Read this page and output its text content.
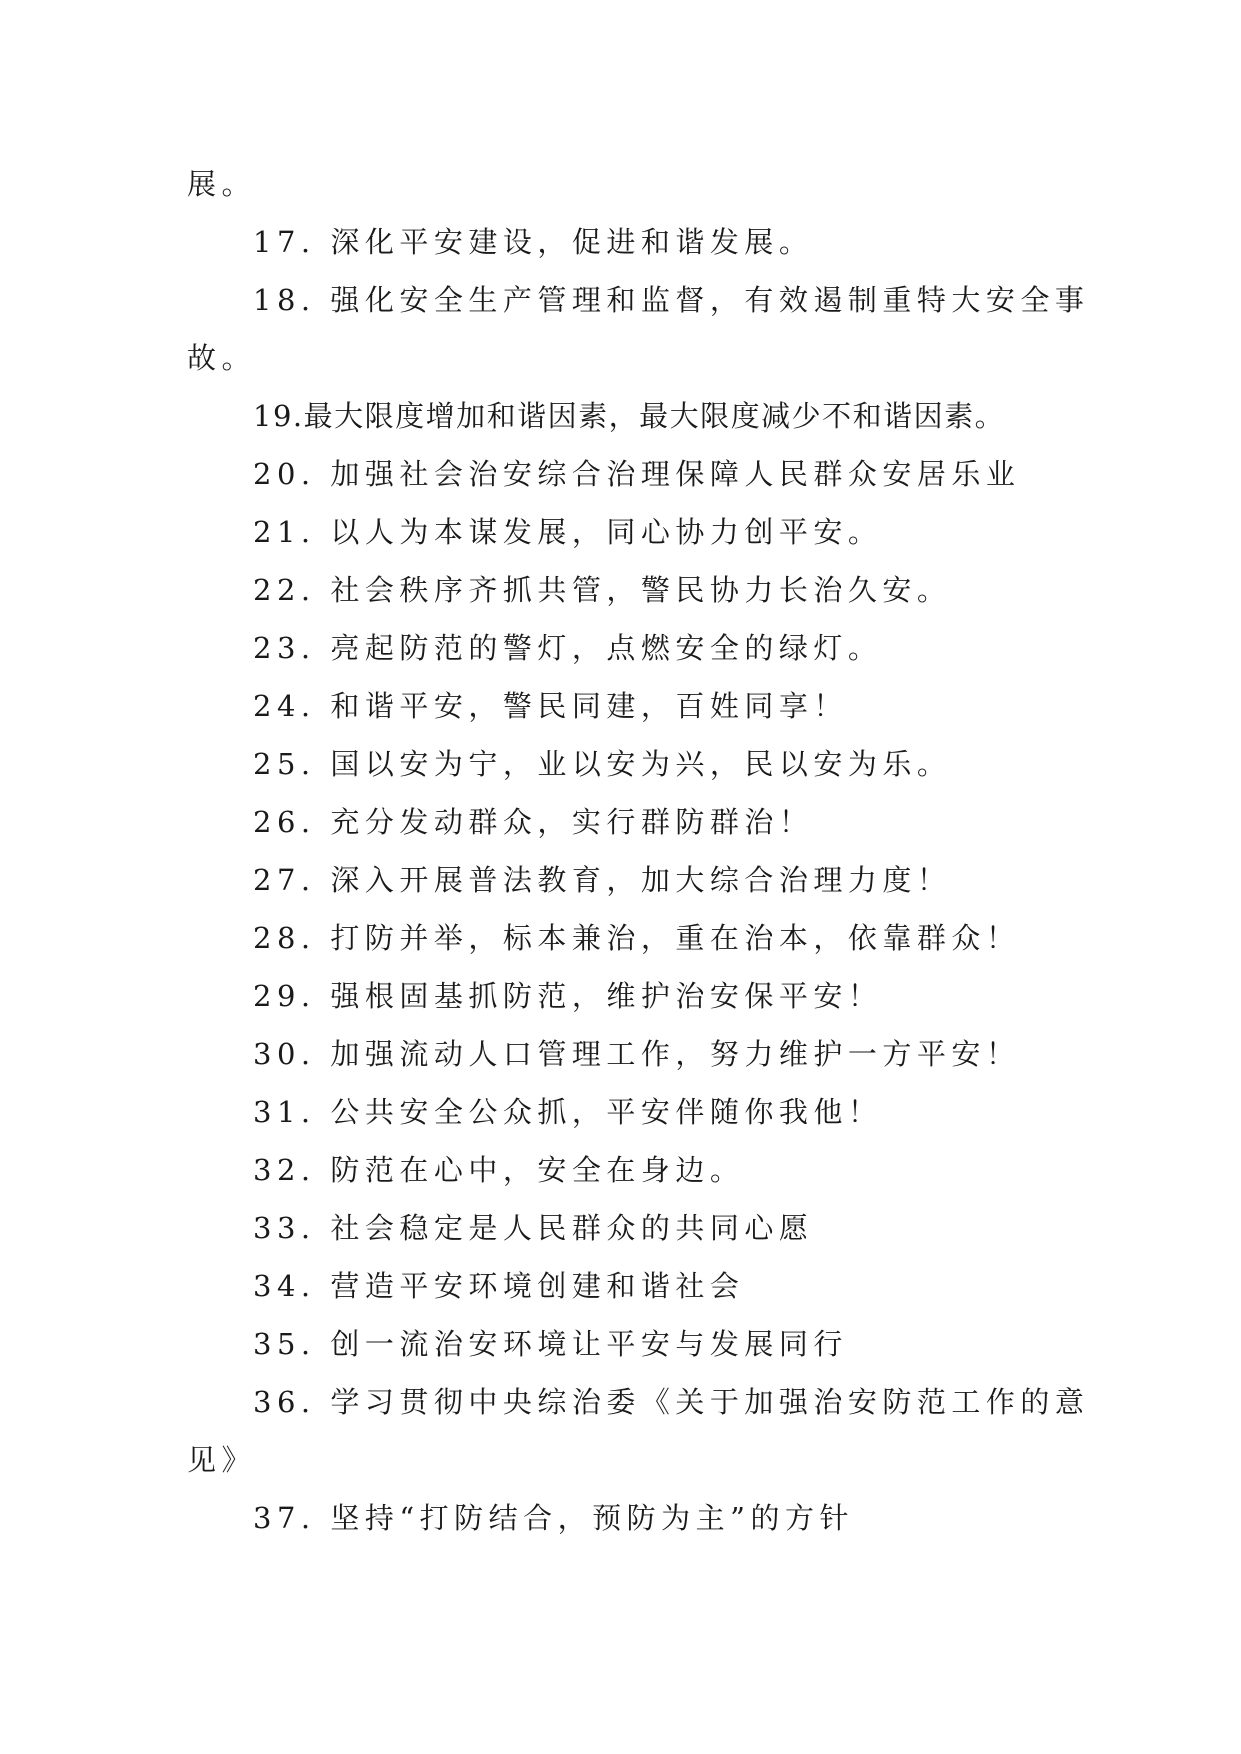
展。
17. 深化平安建设，促进和谐发展。
18. 强化安全生产管理和监督，有效遏制重特大安全事
故。
19.最大限度增加和谐因素，最大限度减少不和谐因素。
20. 加强社会治安综合治理保障人民群众安居乐业
21. 以人为本谋发展，同心协力创平安。
22. 社会秩序齐抓共管，警民协力长治久安。
23. 亮起防范的警灯，点燃安全的绿灯。
24. 和谐平安，警民同建，百姓同享！
25. 国以安为宁，业以安为兴，民以安为乐。
26. 充分发动群众，实行群防群治！
27. 深入开展普法教育，加大综合治理力度！
28. 打防并举，标本兼治，重在治本，依靠群众！
29. 强根固基抓防范，维护治安保平安！
30. 加强流动人口管理工作，努力维护一方平安！
31. 公共安全公众抓，平安伴随你我他！
32. 防范在心中，安全在身边。
33. 社会稳定是人民群众的共同心愿
34. 营造平安环境创建和谐社会
35. 创一流治安环境让平安与发展同行
36. 学习贯彻中央综治委《关于加强治安防范工作的意
见》
37. 坚持“打防结合，预防为主”的方针
